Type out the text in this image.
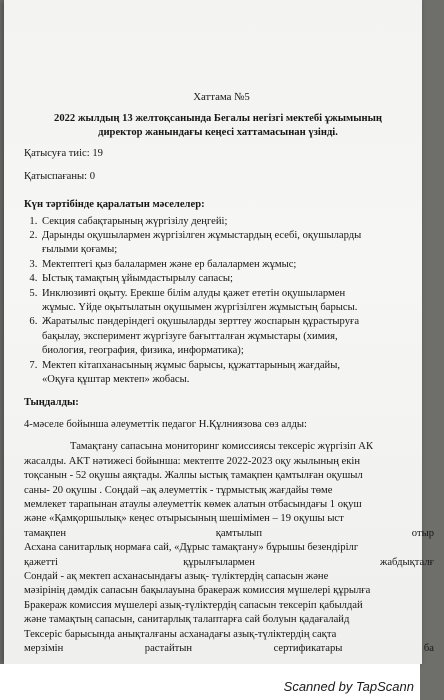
Хаттама №5
2022 жылдың 13 желтоқсанында Бегалы негізгі мектебі ұжымының
директор жанындағы кеңесі хаттамасынан үзінді.
Қатысуға тиіс: 19
Қатыспағаны: 0
Күн тәртібінде қаралатын мәселелер:
1. Секция сабақтарының жүргізілу деңгейі;
2. Дарынды оқушылармен жүргізілген жұмыстардың есебі, оқушыларды
ғылыми қоғамы;
3. Мектептегі қыз балалармен және ер балалармен жұмыс;
4. Ыстық тамақтың ұйымдастырылу сапасы;
5. Инклюзивті оқыту. Ерекше білім алуды қажет ететін оқушылармен
жұмыс. Үйде оқытылатын оқушымен жүргізілген жұмыстың барысы.
6. Жаратылыс пәндеріндегі оқушыларды зерттеу жоспарын құрастыруға
бақылау, эксперимент жүргізуге бағытталған жұмыстары (химия,
биология, география, физика, информатика);
7. Мектеп кітапханасының жұмыс барысы, құжаттарының жағдайы,
«Оқуға құштар мектеп» жобасы.
Тыңдалды:
4-мәселе бойынша әлеуметтік педагог Н.Құлниязова сөз алды:
Тамақтану сапасына мониторинг комиссиясы тексеріс жүргізіп АК
жасалды. АКТ нәтижесі бойынша: мектепте 2022-2023 оқу жылының екін
тоқсанын - 52 оқушы аяқтады. Жалпы ыстық тамақпен қамтылған оқушыл
саны- 20 оқушы . Соңдай –ақ әлеуметтік - тұрмыстық жағдайы төме
мемлекет тарапынан атаулы әлеуметтік көмек алатын отбасындағы 1 оқуш
және «Қамқоршылық» кеңес отырысының шешімімен – 19 оқушы ыст
тамақпен	қамтылып	отыр
Асхана санитарлық нормаға сай, «Дұрыс тамақтану» бұрышы безендірілг
қажетті	құрылғылармен	жабдықталғ
Сондай - ақ мектеп асханасындағы азық- түліктердің сапасын және
мәзірінің дәмдік сапасын бақылауына бракераж комиссия мүшелері құрылға
Бракераж комиссия мүшелері азық-түліктердің сапасын тексеріп қабылдай
және тамақтың сапасын, санитарлық талаптарға сай болуын қадағалайд
Тексеріс барысында анықталғаны асханадағы азық-түліктердің сақта
мерзімін	растайтын	сертификатары	ба
Scanned by TapScann
